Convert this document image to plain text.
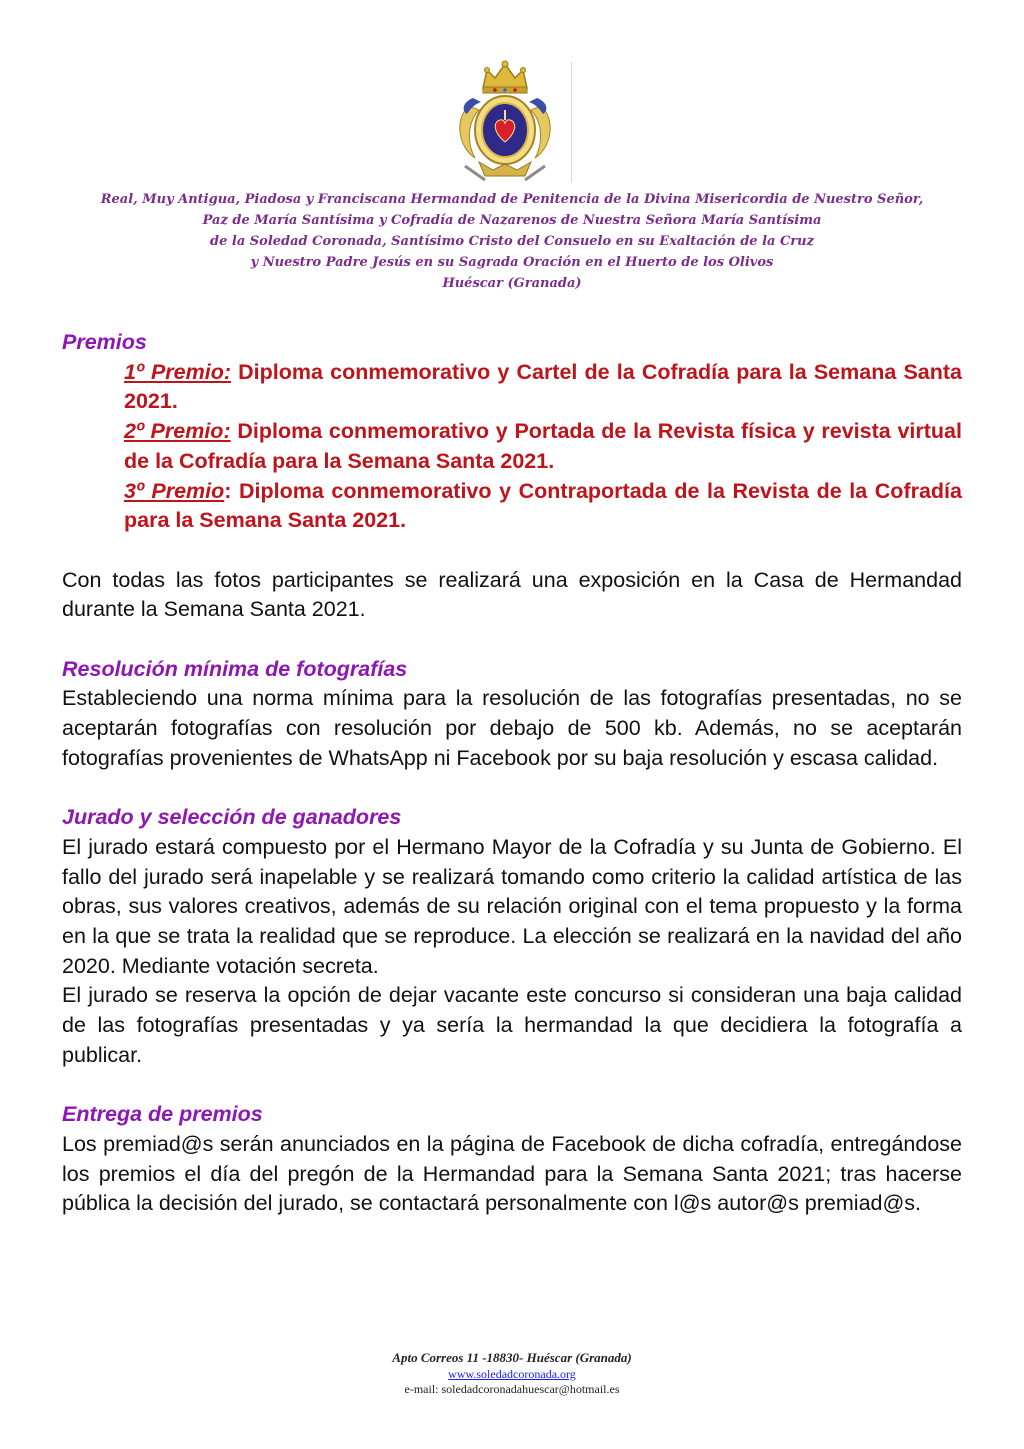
Real, Muy Antigua, Piadosa y Franciscana Hermandad de Penitencia de la Divina Misericordia de Nuestro Señor,
Paz de María Santísima y Cofradía de Nazarenos de Nuestra Señora María Santísima
de la Soledad Coronada, Santísimo Cristo del Consuelo en su Exaltación de la Cruz
y Nuestro Padre Jesús en su Sagrada Oración en el Huerto de los Olivos
Huéscar (Granada)
Premios
1º Premio: Diploma conmemorativo y Cartel de la Cofradía para la Semana Santa 2021.
2º Premio: Diploma conmemorativo y Portada de la Revista física y revista virtual de la Cofradía para la Semana Santa 2021.
3º Premio: Diploma conmemorativo y Contraportada de la Revista de la Cofradía para la Semana Santa 2021.

Con todas las fotos participantes se realizará una exposición en la Casa de Hermandad durante la Semana Santa 2021.

Resolución mínima de fotografías

Estableciendo una norma mínima para la resolución de las fotografías presentadas, no se aceptarán fotografías con resolución por debajo de 500 kb. Además, no se aceptarán fotografías provenientes de WhatsApp ni Facebook por su baja resolución y escasa calidad.

Jurado y selección de ganadores

El jurado estará compuesto por el Hermano Mayor de la Cofradía y su Junta de Gobierno. El fallo del jurado será inapelable y se realizará tomando como criterio la calidad artística de las obras, sus valores creativos, además de su relación original con el tema propuesto y la forma en la que se trata la realidad que se reproduce. La elección se realizará en la navidad del año 2020. Mediante votación secreta.

El jurado se reserva la opción de dejar vacante este concurso si consideran una baja calidad de las fotografías presentadas y ya sería la hermandad la que decidiera la fotografía a publicar.

Entrega de premios

Los premiad@s serán anunciados en la página de Facebook de dicha cofradía, entregándose los premios el día del pregón de la Hermandad para la Semana Santa 2021; tras hacerse pública la decisión del jurado, se contactará personalmente con l@s autor@s premiad@s.

Apto Correos 11 -18830- Huéscar (Granada)
www.soledadcoronada.org
e-mail: soledadcoronadahuescar@hotmail.es
